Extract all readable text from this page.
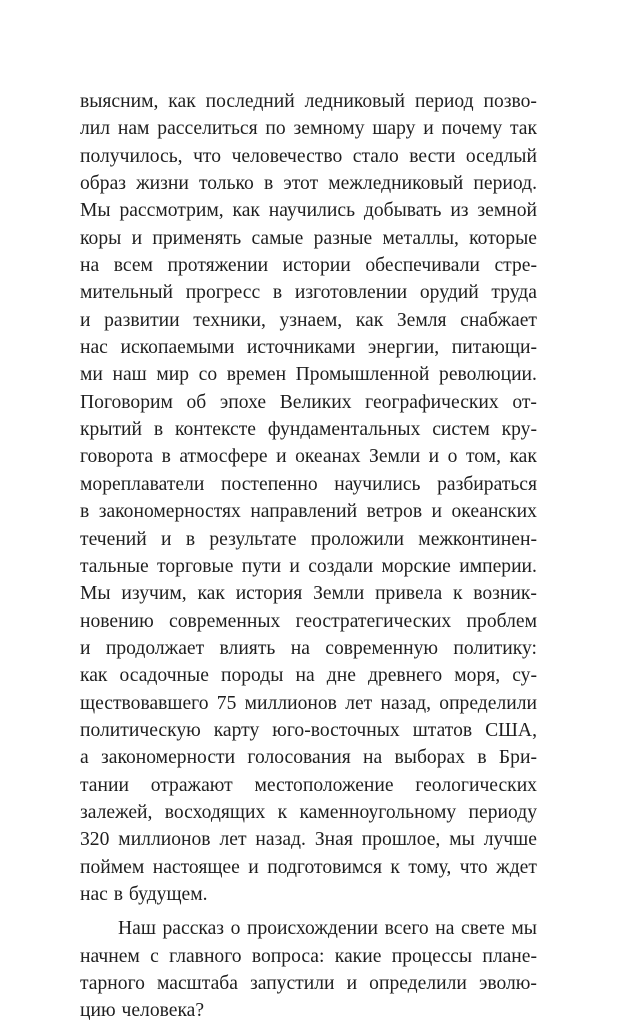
выясним, как последний ледниковый период позво-
лил нам расселиться по земному шару и почему так
получилось, что человечество стало вести оседлый
образ жизни только в этот межледниковый период.
Мы рассмотрим, как научились добывать из земной
коры и применять самые разные металлы, которые
на всем протяжении истории обеспечивали стре-
мительный прогресс в изготовлении орудий труда
и развитии техники, узнаем, как Земля снабжает
нас ископаемыми источниками энергии, питающи-
ми наш мир со времен Промышленной революции.
Поговорим об эпохе Великих географических от-
крытий в контексте фундаментальных систем кру-
говорота в атмосфере и океанах Земли и о том, как
мореплаватели постепенно научились разбираться
в закономерностях направлений ветров и океанских
течений и в результате проложили межконтинен-
тальные торговые пути и создали морские империи.
Мы изучим, как история Земли привела к возник-
новению современных геостратегических проблем
и продолжает влиять на современную политику:
как осадочные породы на дне древнего моря, су-
ществовавшего 75 миллионов лет назад, определили
политическую карту юго-восточных штатов США,
а закономерности голосования на выборах в Бри-
тании отражают местоположение геологических
залежей, восходящих к каменноугольному периоду
320 миллионов лет назад. Зная прошлое, мы лучше
поймем настоящее и подготовимся к тому, что ждет
нас в будущем.
Наш рассказ о происхождении всего на свете мы
начнем с главного вопроса: какие процессы плане-
тарного масштаба запустили и определили эволю-
цию человека?
